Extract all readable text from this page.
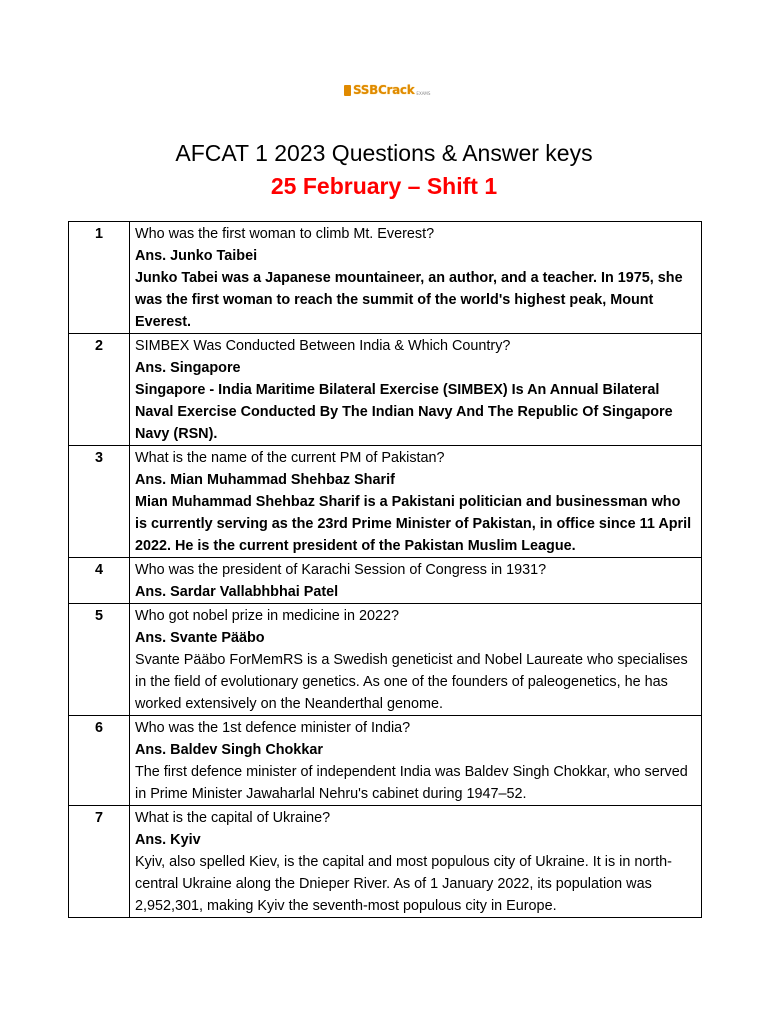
SSBCrack EXAMS
AFCAT 1 2023 Questions & Answer keys
25 February – Shift 1
1	Who was the first woman to climb Mt. Everest?
Ans. Junko Taibei
Junko Tabei was a Japanese mountaineer, an author, and a teacher. In 1975, she was the first woman to reach the summit of the world's highest peak, Mount Everest.

2	SIMBEX Was Conducted Between India & Which Country?
Ans. Singapore
Singapore - India Maritime Bilateral Exercise (SIMBEX) Is An Annual Bilateral Naval Exercise Conducted By The Indian Navy And The Republic Of Singapore Navy (RSN).

3	What is the name of the current PM of Pakistan?
Ans. Mian Muhammad Shehbaz Sharif
Mian Muhammad Shehbaz Sharif is a Pakistani politician and businessman who is currently serving as the 23rd Prime Minister of Pakistan, in office since 11 April 2022. He is the current president of the Pakistan Muslim League.

4	Who was the president of Karachi Session of Congress in 1931?
Ans. Sardar Vallabhbhai Patel

5	Who got nobel prize in medicine in 2022?
Ans. Svante Pääbo
Svante Pääbo ForMemRS is a Swedish geneticist and Nobel Laureate who specialises in the field of evolutionary genetics. As one of the founders of paleogenetics, he has worked extensively on the Neanderthal genome.

6	Who was the 1st defence minister of India?
Ans. Baldev Singh Chokkar
The first defence minister of independent India was Baldev Singh Chokkar, who served in Prime Minister Jawaharlal Nehru's cabinet during 1947–52.

7	What is the capital of Ukraine?
Ans. Kyiv
Kyiv, also spelled Kiev, is the capital and most populous city of Ukraine. It is in north-central Ukraine along the Dnieper River. As of 1 January 2022, its population was 2,952,301, making Kyiv the seventh-most populous city in Europe.
